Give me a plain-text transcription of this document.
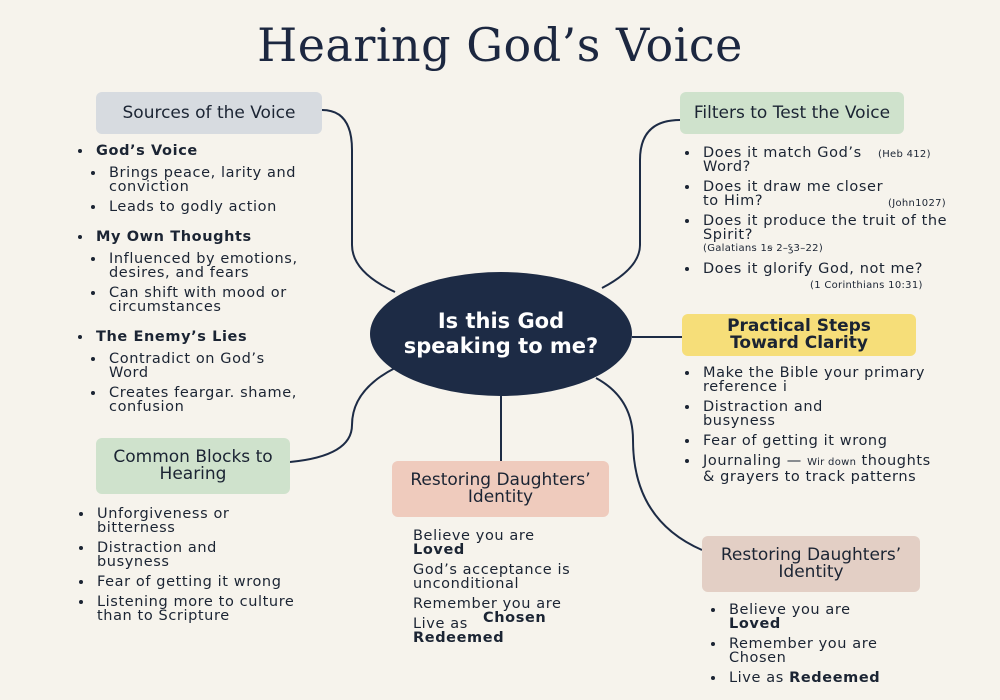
Hearing God’s Voice
Is this God speaking to me?
Sources of the Voice
God’s Voice
Brings peace, larity and conviction
Leads to godly action
My Own Thoughts
Influenced by emotions, desires, and fears
Can shift with mood or circumstances
The Enemy’s Lies
Contradict on God’s Word
Creates feargar. shame, confusion
Filters to Test the Voice
Does it match God’s Word?
(Heb 412)
Does it draw me closer to Him?	(John1027)
Does it produce the truit of the Spirit?
(Galatians 1ꞩ 2–ꝣ3–22)
Does it glorify God, not me?
(1 Corinthians 10:31)
Practical Steps Toward Clarity
Make the Bible your primary reference i
Distraction and busyness
Fear of getting it wrong
Journaling — Wir down thoughts & grayers to track patterns
Common Blocks to Hearing
Unforgiveness or bitterness
Distraction and busyness
Fear of getting it wrong
Listening more to culture than to Scripture
Restoring Daughters’ Identity
Believe you are
Loved
God’s acceptance is unconditional
Remember you are
Chosen
Live as
Redeemed
Restoring Daughters’ Identity
Believe you are
Loved
Remember you are Chosen
Live as Redeemed
